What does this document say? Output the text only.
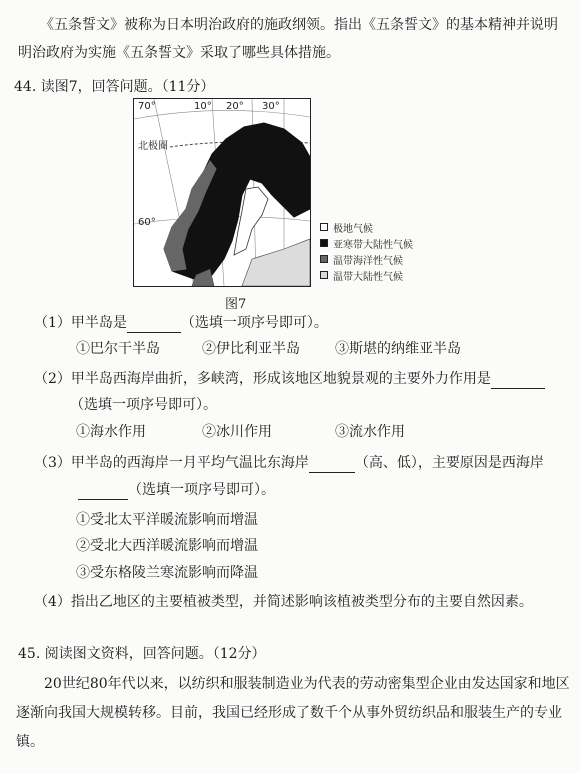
《五条誓文》被称为日本明治政府的施政纲领。指出《五条誓文》的基本精神并说明
明治政府为实施《五条誓文》采取了哪些具体措施。
44. 读图7，回答问题。（11分）
70°	10° 20° 30°
北极圈
60°
极地气候
亚寒带大陆性气候
温带海洋性气候
温带大陆性气候
图7
（1）甲半岛是	（选填一项序号即可）。
①巴尔干半岛	②伊比利亚半岛	③斯堪的纳维亚半岛
（2）甲半岛西海岸曲折，多峡湾，形成该地区地貌景观的主要外力作用是
（选填一项序号即可）。
①海水作用	②冰川作用	③流水作用
（3）甲半岛的西海岸一月平均气温比东海岸	（高、低），主要原因是西海岸
（选填一项序号即可）。
①受北太平洋暖流影响而增温
②受北大西洋暖流影响而增温
③受东格陵兰寒流影响而降温
（4）指出乙地区的主要植被类型，并简述影响该植被类型分布的主要自然因素。
45. 阅读图文资料，回答问题。（12分）
20世纪80年代以来，以纺织和服装制造业为代表的劳动密集型企业由发达国家和地区
逐渐向我国大规模转移。目前，我国已经形成了数千个从事外贸纺织品和服装生产的专业
镇。
